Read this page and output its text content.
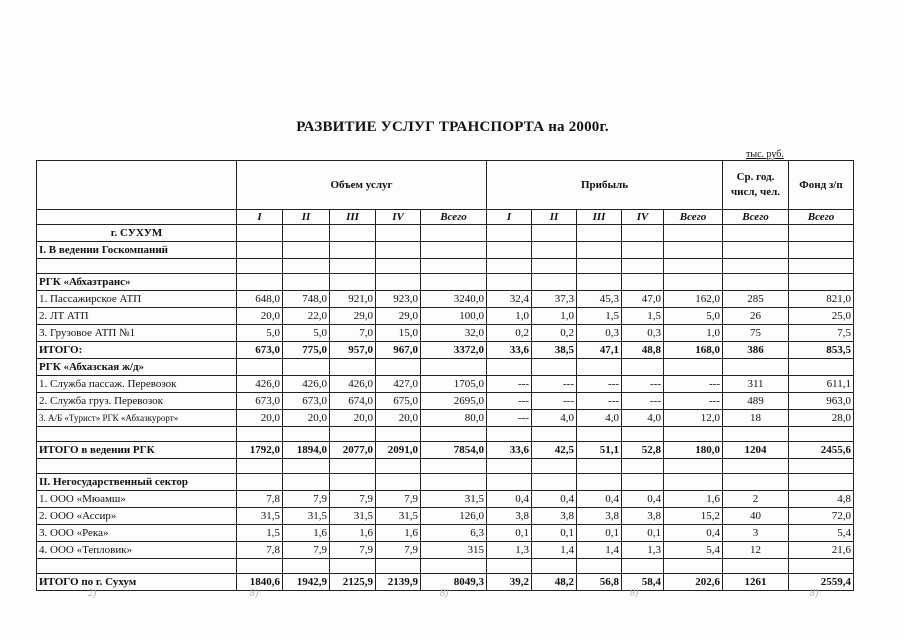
РАЗВИТИЕ УСЛУГ ТРАНСПОРТА на 2000г.
тыс. руб.
	Объем услуг					Прибыль					Ср. год. числ, чел.	Фонд з/п
	I	II	III	IV	Всего	I	II	III	IV	Всего	Всего	Всего
г. СУХУМ												
I. В ведении Госкомпаний												

РГК «Абхазтранс»												
1. Пассажирское АТП	648,0	748,0	921,0	923,0	3240,0	32,4	37,3	45,3	47,0	162,0	285	821,0
2. ЛТ АТП	20,0	22,0	29,0	29,0	100,0	1,0	1,0	1,5	1,5	5,0	26	25,0
3. Грузовое АТП №1	5,0	5,0	7,0	15,0	32,0	0,2	0,2	0,3	0,3	1,0	75	7,5
ИТОГО:	673,0	775,0	957,0	967,0	3372,0	33,6	38,5	47,1	48,8	168,0	386	853,5
РГК «Абхазская ж/д»												
1. Служба пассаж. Перевозок	426,0	426,0	426,0	427,0	1705,0	---	---	---	---	---	311	611,1
2. Служба груз. Перевозок	673,0	673,0	674,0	675,0	2695,0	---	---	---	---	---	489	963,0
3. А/Б «Турист» РГК «Абхазкурорт»	20,0	20,0	20,0	20,0	80,0	---	4,0	4,0	4,0	12,0	18	28,0

ИТОГО в ведении РГК	1792,0	1894,0	2077,0	2091,0	7854,0	33,6	42,5	51,1	52,8	180,0	1204	2455,6

II. Негосударственный сектор												
1. ООО «Мюамш»	7,8	7,9	7,9	7,9	31,5	0,4	0,4	0,4	0,4	1,6	2	4,8
2. ООО «Ассир»	31,5	31,5	31,5	31,5	126,0	3,8	3,8	3,8	3,8	15,2	40	72,0
3. ООО «Река»	1,5	1,6	1,6	1,6	6,3	0,1	0,1	0,1	0,1	0,4	3	5,4
4. ООО «Тепловик»	7,8	7,9	7,9	7,9	315	1,3	1,4	1,4	1,3	5,4	12	21,6

ИТОГО по г. Сухум	1840,6	1942,9	2125,9	2139,9	8049,3	39,2	48,2	56,8	58,4	202,6	1261	2559,4
2)	8)	8)	8)	8)
